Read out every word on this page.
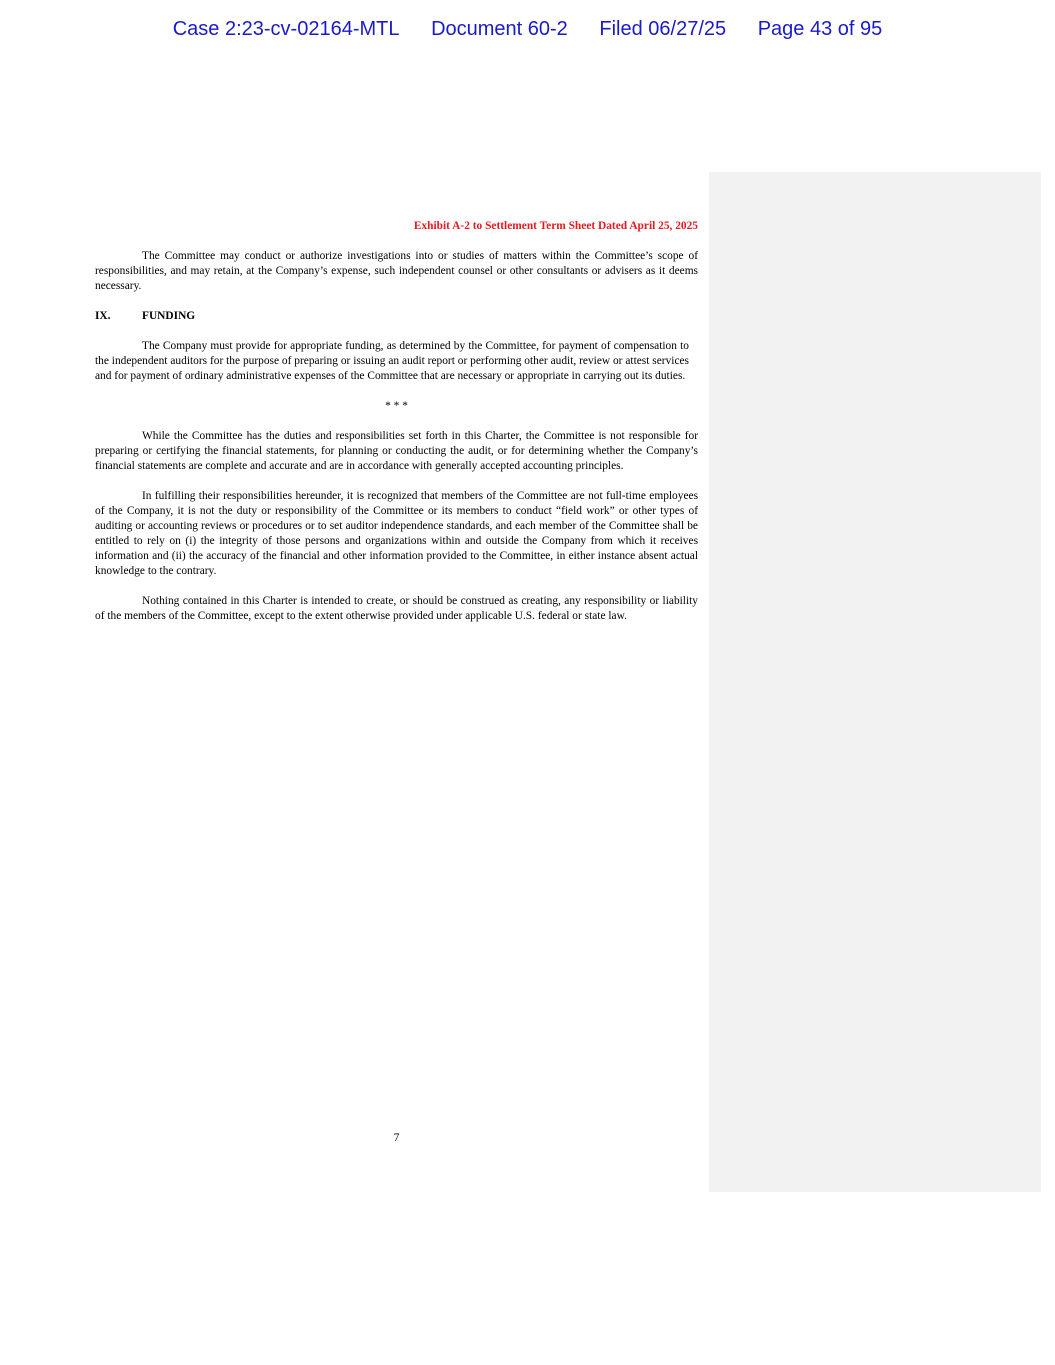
Case 2:23-cv-02164-MTL Document 60-2 Filed 06/27/25 Page 43 of 95

Exhibit A-2 to Settlement Term Sheet Dated April 25, 2025

The Committee may conduct or authorize investigations into or studies of matters within the Committee’s scope of responsibilities, and may retain, at the Company’s expense, such independent counsel or other consultants or advisers as it deems necessary.

IX.	FUNDING

The Company must provide for appropriate funding, as determined by the Committee, for payment of compensation to the independent auditors for the purpose of preparing or issuing an audit report or performing other audit, review or attest services and for payment of ordinary administrative expenses of the Committee that are necessary or appropriate in carrying out its duties.

* * *

While the Committee has the duties and responsibilities set forth in this Charter, the Committee is not responsible for preparing or certifying the financial statements, for planning or conducting the audit, or for determining whether the Company’s financial statements are complete and accurate and are in accordance with generally accepted accounting principles.

In fulfilling their responsibilities hereunder, it is recognized that members of the Committee are not full-time employees of the Company, it is not the duty or responsibility of the Committee or its members to conduct “field work” or other types of auditing or accounting reviews or procedures or to set auditor independence standards, and each member of the Committee shall be entitled to rely on (i) the integrity of those persons and organizations within and outside the Company from which it receives information and (ii) the accuracy of the financial and other information provided to the Committee, in either instance absent actual knowledge to the contrary.

Nothing contained in this Charter is intended to create, or should be construed as creating, any responsibility or liability of the members of the Committee, except to the extent otherwise provided under applicable U.S. federal or state law.

7
